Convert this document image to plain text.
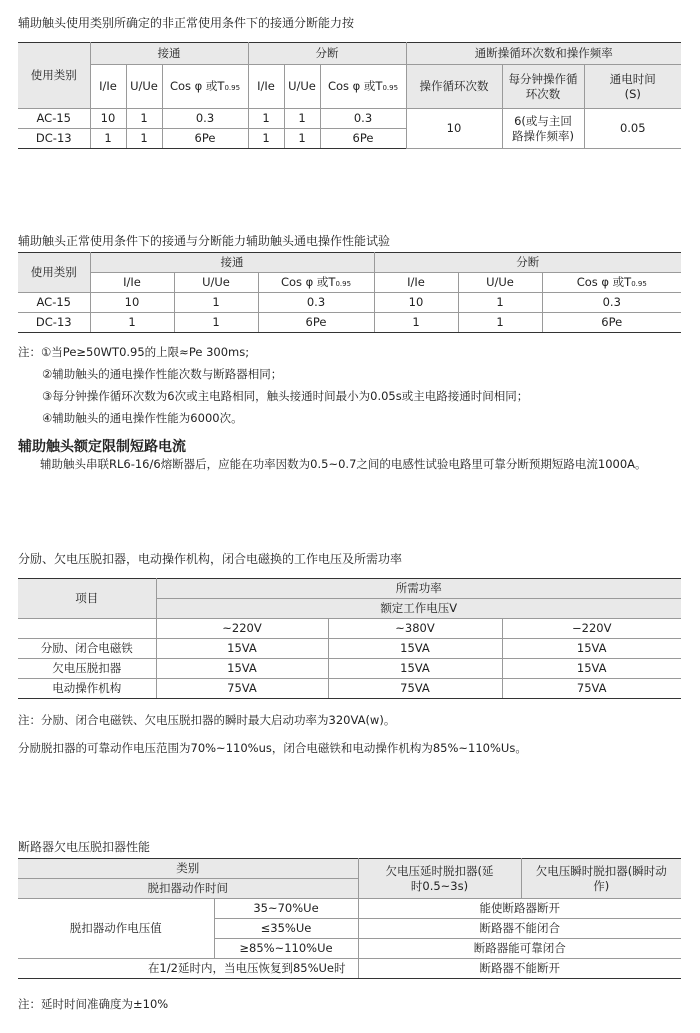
辅助触头使用类别所确定的非正常使用条件下的接通分断能力按
使用类别	接通			分断			通断操循环次数和操作频率		
	I/Ie	U/Ue	Cos φ 或T0.95	I/Ie	U/Ue	Cos φ 或T0.95	操作循环次数	每分钟操作循环次数	通电时间(S)
AC-15	10	1	0.3	1	1	0.3	10	6(或与主回路操作频率)	0.05
DC-13	1	1	6Pe	1	1	6Pe			
辅助触头正常使用条件下的接通与分断能力辅助触头通电操作性能试验
使用类别	接通			分断		
	I/Ie	U/Ue	Cos φ 或T0.95	I/Ie	U/Ue	Cos φ 或T0.95
AC-15	10	1	0.3	10	1	0.3
DC-13	1	1	6Pe	1	1	6Pe
注：①当Pe≥50WT0.95的上限≈Pe 300ms;
②辅助触头的通电操作性能次数与断路器相同；
③每分钟操作循环次数为6次或主电路相同，触头接通时间最小为0.05s或主电路接通时间相同；
④辅助触头的通电操作性能为6000次。
辅助触头额定限制短路电流
辅助触头串联RL6-16/6熔断器后，应能在功率因数为0.5~0.7之间的电感性试验电路里可靠分断预期短路电流1000A。
分励、欠电压脱扣器，电动操作机构，闭合电磁换的工作电压及所需功率
项目	所需功率		
	额定工作电压V		
	~220V	~380V	−220V
分励、闭合电磁铁	15VA	15VA	15VA
欠电压脱扣器	15VA	15VA	15VA
电动操作机构	75VA	75VA	75VA
注：分励、闭合电磁铁、欠电压脱扣器的瞬时最大启动功率为320VA(w)。
分励脱扣器的可靠动作电压范围为70%~110%us，闭合电磁铁和电动操作机构为85%~110%Us。
断路器欠电压脱扣器性能
类别		欠电压延时脱扣器(延时0.5~3s)	欠电压瞬时脱扣器(瞬时动作)
脱扣器动作时间			
脱扣器动作电压值	35~70%Ue	能使断路器断开	
	≤35%Ue	断路器不能闭合	
	≥85%~110%Ue	断路器能可靠闭合	
在1/2延时内，当电压恢复到85%Ue时		断路器不能断开	
注：延时时间准确度为±10%
